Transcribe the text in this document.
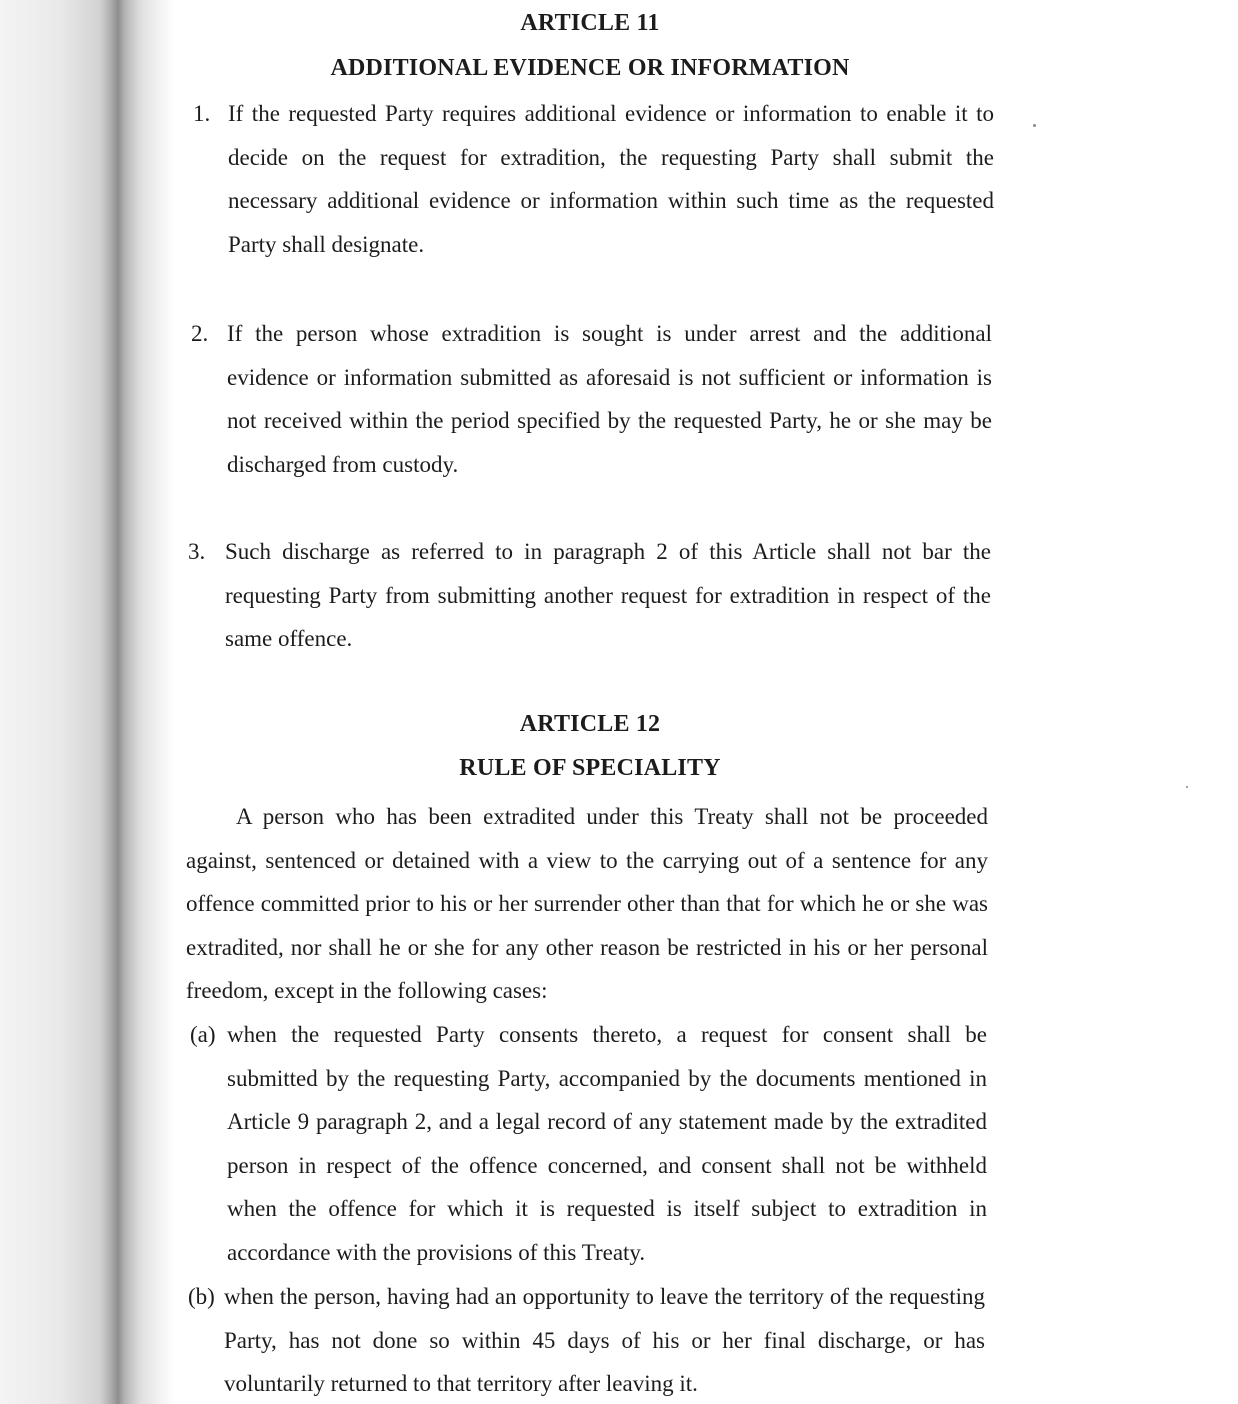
ARTICLE 11
ADDITIONAL EVIDENCE OR INFORMATION
1. If the requested Party requires additional evidence or information to enable it to decide on the request for extradition, the requesting Party shall submit the necessary additional evidence or information within such time as the requested Party shall designate.
2. If the person whose extradition is sought is under arrest and the additional evidence or information submitted as aforesaid is not sufficient or information is not received within the period specified by the requested Party, he or she may be discharged from custody.
3. Such discharge as referred to in paragraph 2 of this Article shall not bar the requesting Party from submitting another request for extradition in respect of the same offence.
ARTICLE 12
RULE OF SPECIALITY
A person who has been extradited under this Treaty shall not be proceeded against, sentenced or detained with a view to the carrying out of a sentence for any offence committed prior to his or her surrender other than that for which he or she was extradited, nor shall he or she for any other reason be restricted in his or her personal freedom, except in the following cases:
(a) when the requested Party consents thereto, a request for consent shall be submitted by the requesting Party, accompanied by the documents mentioned in Article 9 paragraph 2, and a legal record of any statement made by the extradited person in respect of the offence concerned, and consent shall not be withheld when the offence for which it is requested is itself subject to extradition in accordance with the provisions of this Treaty.
(b) when the person, having had an opportunity to leave the territory of the requesting Party, has not done so within 45 days of his or her final discharge, or has voluntarily returned to that territory after leaving it.
